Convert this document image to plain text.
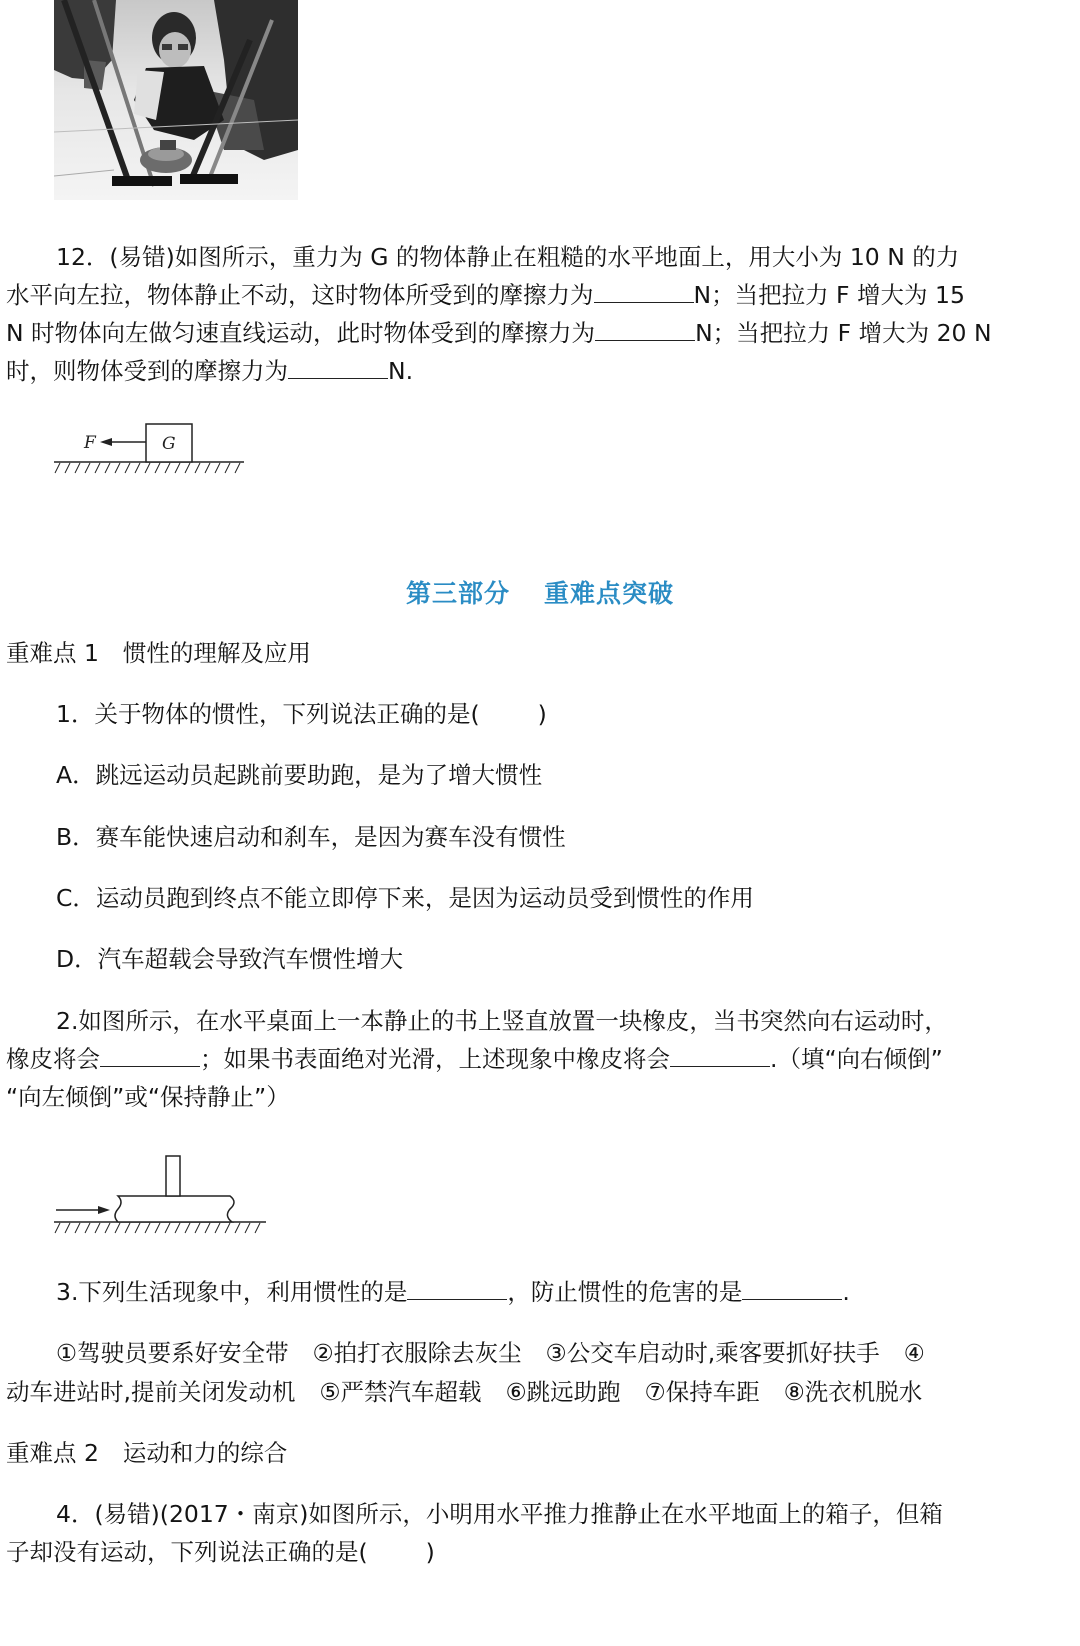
12．(易错)如图所示，重力为 G 的物体静止在粗糙的水平地面上，用大小为 10 N 的力
水平向左拉，物体静止不动，这时物体所受到的摩擦力为	N；当把拉力 F 增大为 15
N 时物体向左做匀速直线运动，此时物体受到的摩擦力为	N；当把拉力 F 增大为 20 N
时，则物体受到的摩擦力为	N.
F	G
第三部分 重难点突破
重难点 1 惯性的理解及应用
1．关于物体的惯性，下列说法正确的是( )
A．跳远运动员起跳前要助跑，是为了增大惯性
B．赛车能快速启动和刹车，是因为赛车没有惯性
C．运动员跑到终点不能立即停下来，是因为运动员受到惯性的作用
D．汽车超载会导致汽车惯性增大
2.如图所示，在水平桌面上一本静止的书上竖直放置一块橡皮，当书突然向右运动时，
橡皮将会	；如果书表面绝对光滑，上述现象中橡皮将会	.（填“向右倾倒”
“向左倾倒”或“保持静止”）
3.下列生活现象中，利用惯性的是	，防止惯性的危害的是	.
①驾驶员要系好安全带 ②拍打衣服除去灰尘 ③公交车启动时,乘客要抓好扶手 ④
动车进站时,提前关闭发动机 ⑤严禁汽车超载 ⑥跳远助跑 ⑦保持车距 ⑧洗衣机脱水
重难点 2 运动和力的综合
4．(易错)(2017・南京)如图所示，小明用水平推力推静止在水平地面上的箱子，但箱
子却没有运动，下列说法正确的是( )
